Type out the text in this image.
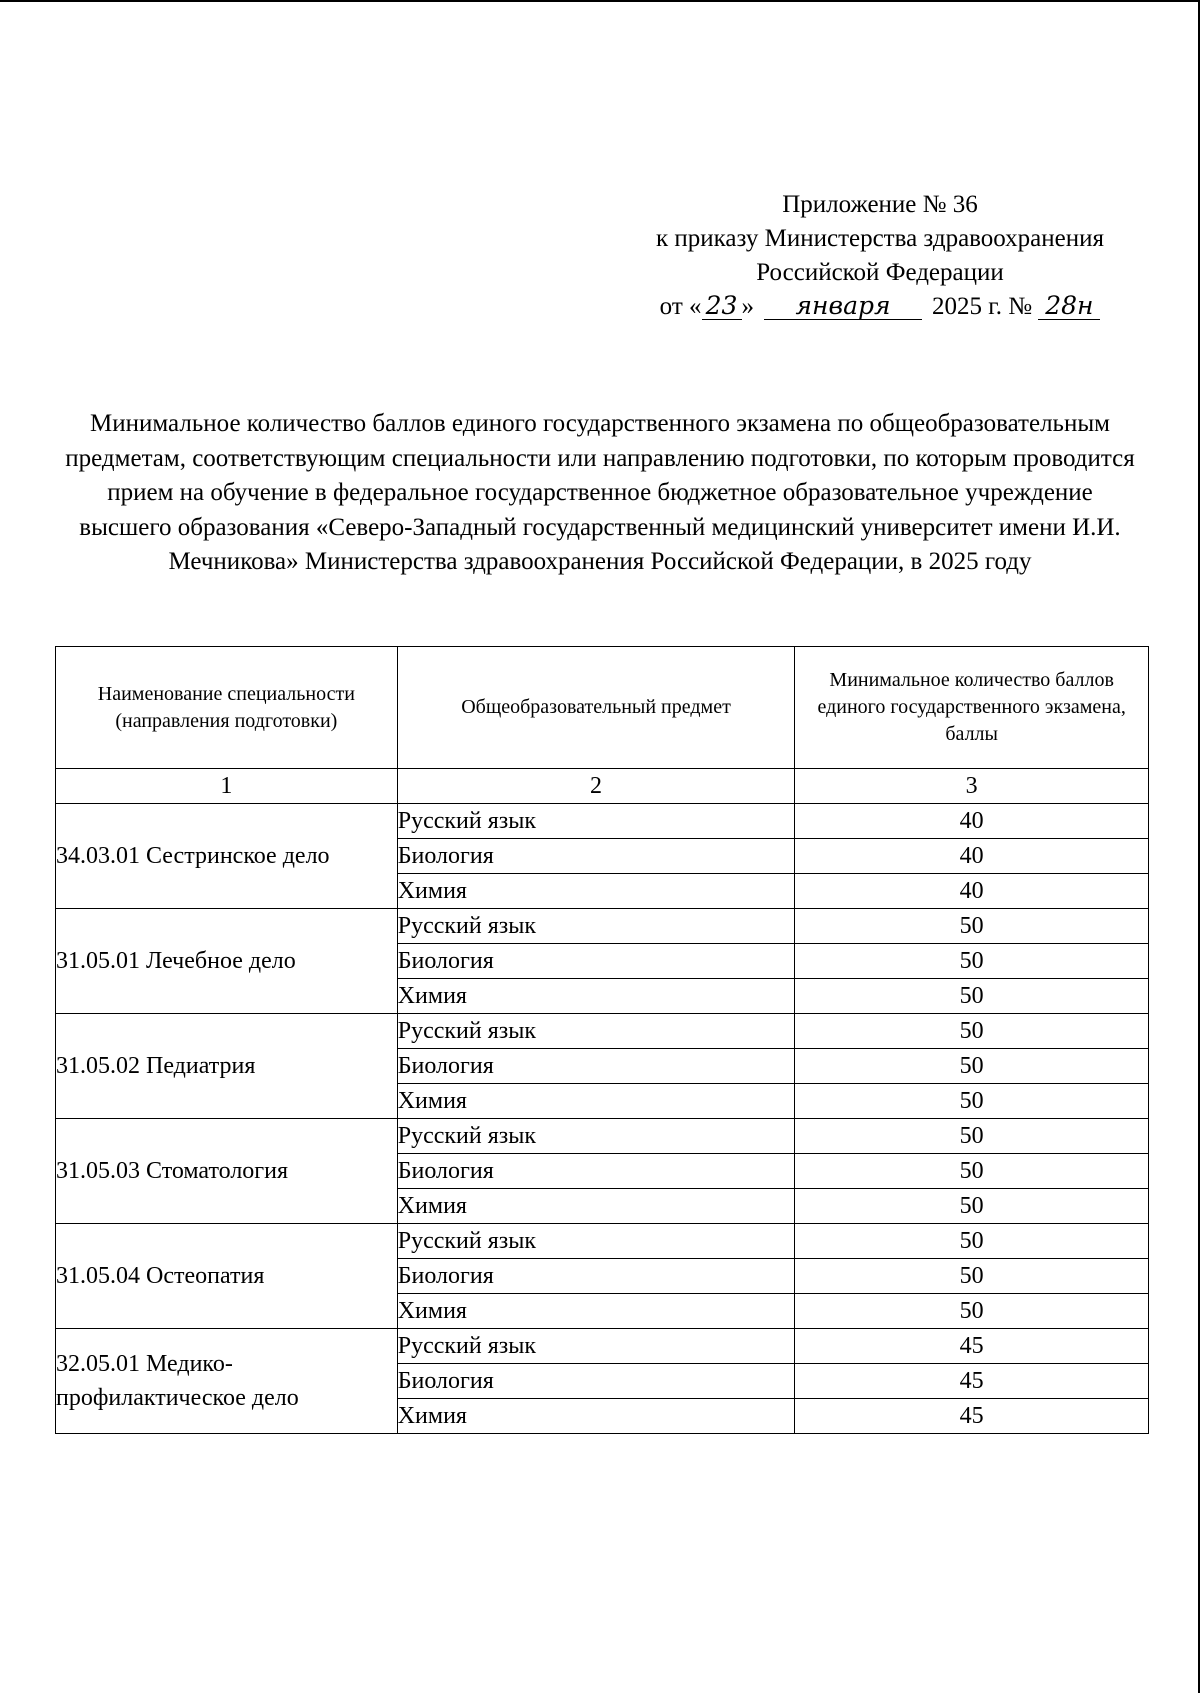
Приложение № 36
к приказу Министерства здравоохранения
Российской Федерации
от « 23 » января 2025 г. № 28н
Минимальное количество баллов единого государственного экзамена по общеобразовательным предметам, соответствующим специальности или направлению подготовки, по которым проводится прием на обучение в федеральное государственное бюджетное образовательное учреждение высшего образования «Северо-Западный государственный медицинский университет имени И.И. Мечникова» Министерства здравоохранения Российской Федерации, в 2025 году
Наименование специальности (направления подготовки)	Общеобразовательный предмет	Минимальное количество баллов единого государственного экзамена, баллы
1	2	3
34.03.01 Сестринское дело	Русский язык	40
	Биология	40
	Химия	40
31.05.01 Лечебное дело	Русский язык	50
	Биология	50
	Химия	50
31.05.02 Педиатрия	Русский язык	50
	Биология	50
	Химия	50
31.05.03 Стоматология	Русский язык	50
	Биология	50
	Химия	50
31.05.04 Остеопатия	Русский язык	50
	Биология	50
	Химия	50
32.05.01 Медико-профилактическое дело	Русский язык	45
	Биология	45
	Химия	45
